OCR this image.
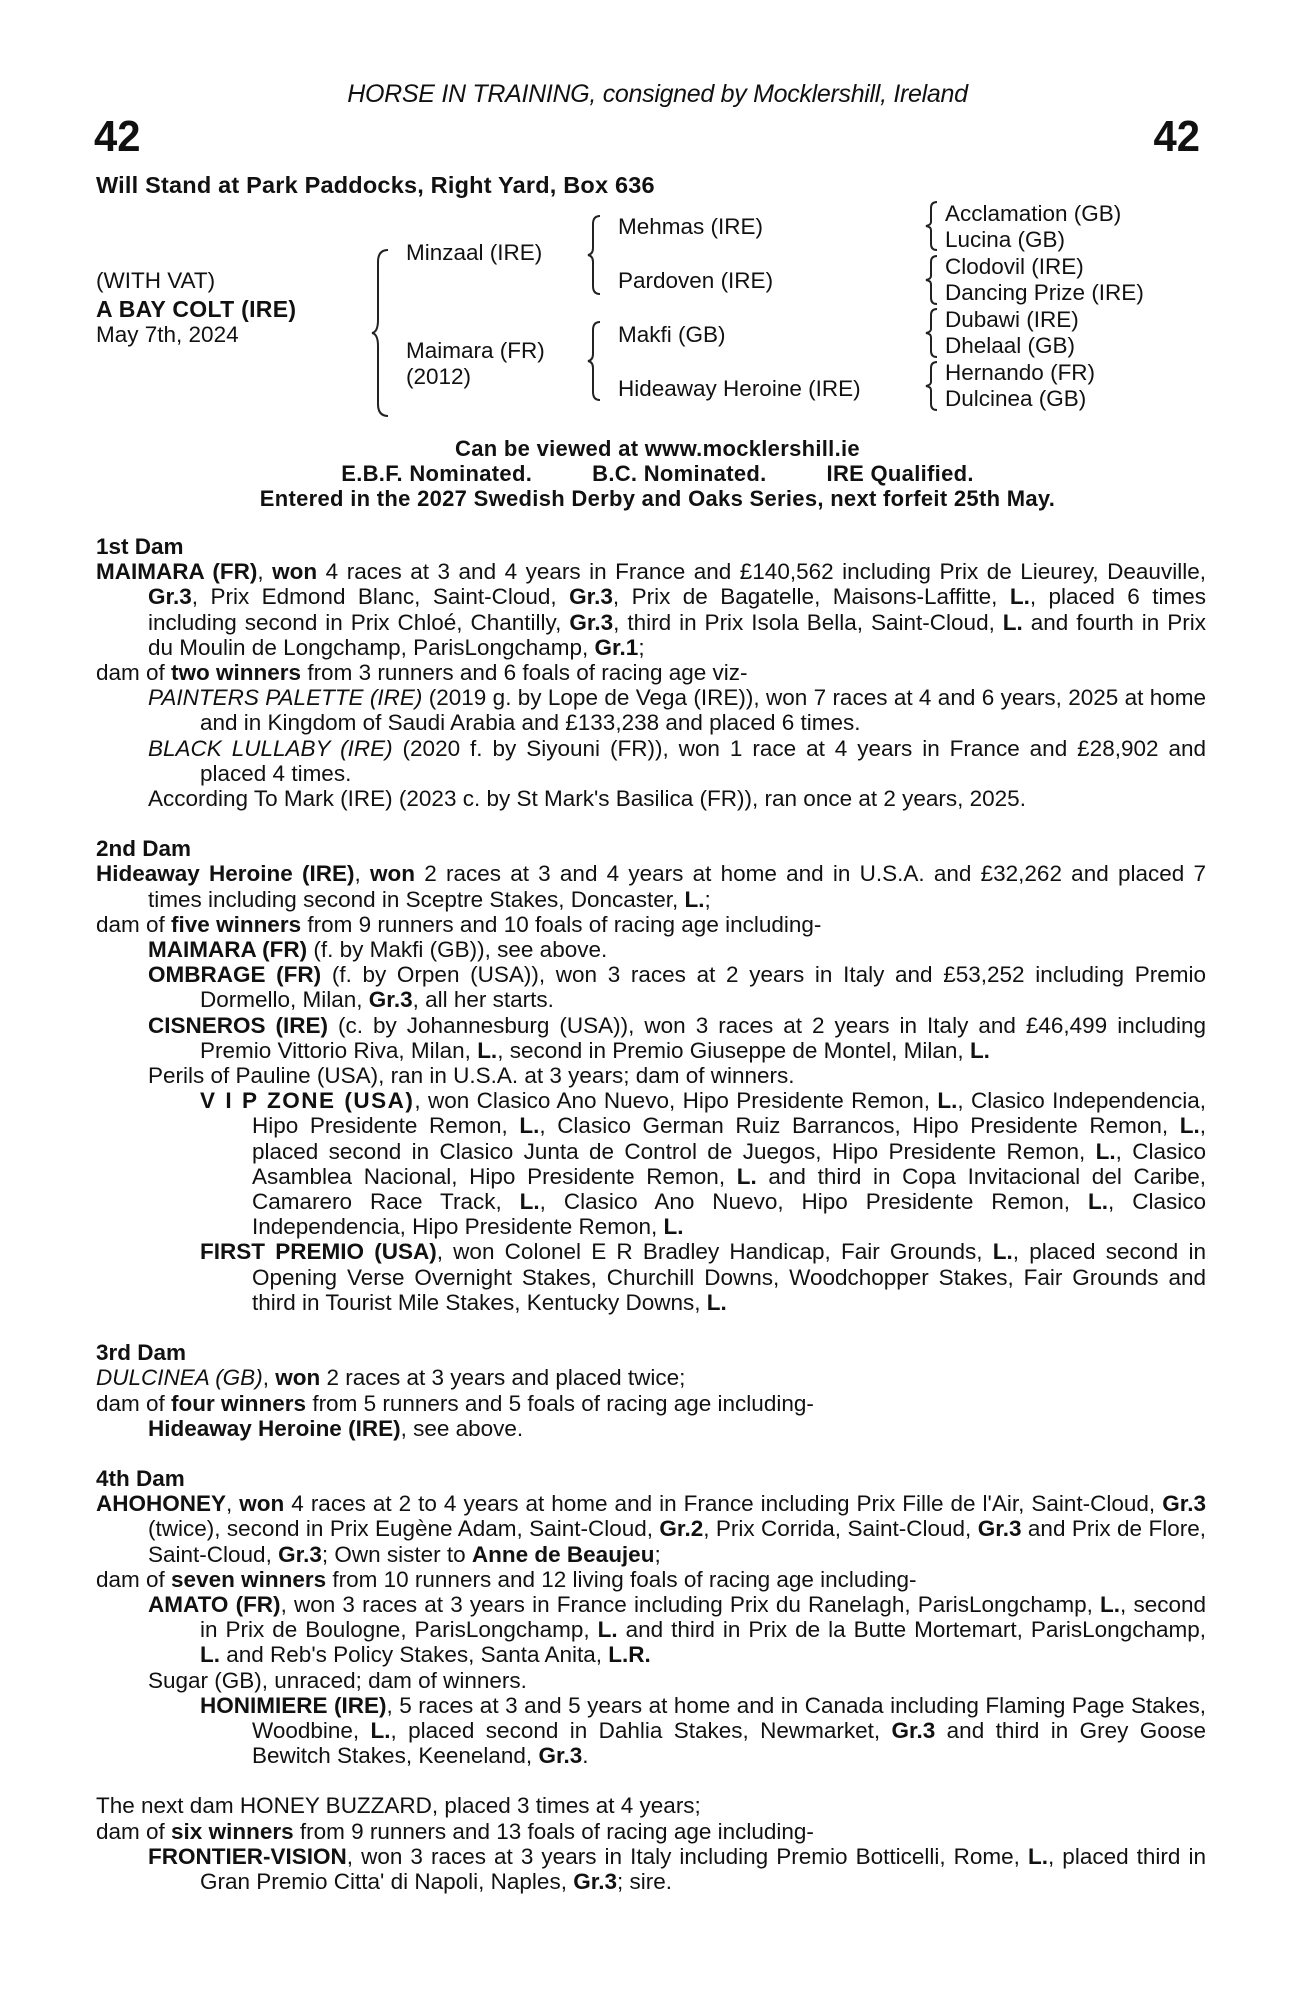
HORSE IN TRAINING, consigned by Mocklershill, Ireland
42	42
Will Stand at Park Paddocks, Right Yard, Box 636
(WITH VAT)
A BAY COLT (IRE)
May 7th, 2024
Minzaal (IRE)
Maimara (FR)
(2012)
Mehmas (IRE)
Pardoven (IRE)
Makfi (GB)
Hideaway Heroine (IRE)
Acclamation (GB)
Lucina (GB)
Clodovil (IRE)
Dancing Prize (IRE)
Dubawi (IRE)
Dhelaal (GB)
Hernando (FR)
Dulcinea (GB)
Can be viewed at www.mocklershill.ie
E.B.F. Nominated.	B.C. Nominated.	IRE Qualified.
Entered in the 2027 Swedish Derby and Oaks Series, next forfeit 25th May.

1st Dam

MAIMARA (FR), won 4 races at 3 and 4 years in France and £140,562 including Prix de Lieurey, Deauville, Gr.3, Prix Edmond Blanc, Saint-Cloud, Gr.3, Prix de Bagatelle, Maisons-Laffitte, L., placed 6 times including second in Prix Chloé, Chantilly, Gr.3, third in Prix Isola Bella, Saint-Cloud, L. and fourth in Prix du Moulin de Longchamp, ParisLongchamp, Gr.1;

dam of two winners from 3 runners and 6 foals of racing age viz-

PAINTERS PALETTE (IRE) (2019 g. by Lope de Vega (IRE)), won 7 races at 4 and 6 years, 2025 at home and in Kingdom of Saudi Arabia and £133,238 and placed 6 times.

BLACK LULLABY (IRE) (2020 f. by Siyouni (FR)), won 1 race at 4 years in France and £28,902 and placed 4 times.

According To Mark (IRE) (2023 c. by St Mark's Basilica (FR)), ran once at 2 years, 2025.

2nd Dam

Hideaway Heroine (IRE), won 2 races at 3 and 4 years at home and in U.S.A. and £32,262 and placed 7 times including second in Sceptre Stakes, Doncaster, L.;

dam of five winners from 9 runners and 10 foals of racing age including-

MAIMARA (FR) (f. by Makfi (GB)), see above.

OMBRAGE (FR) (f. by Orpen (USA)), won 3 races at 2 years in Italy and £53,252 including Premio Dormello, Milan, Gr.3, all her starts.

CISNEROS (IRE) (c. by Johannesburg (USA)), won 3 races at 2 years in Italy and £46,499 including Premio Vittorio Riva, Milan, L., second in Premio Giuseppe de Montel, Milan, L.

Perils of Pauline (USA), ran in U.S.A. at 3 years; dam of winners.

V I P ZONE (USA), won Clasico Ano Nuevo, Hipo Presidente Remon, L., Clasico Independencia, Hipo Presidente Remon, L., Clasico German Ruiz Barrancos, Hipo Presidente Remon, L., placed second in Clasico Junta de Control de Juegos, Hipo Presidente Remon, L., Clasico Asamblea Nacional, Hipo Presidente Remon, L. and third in Copa Invitacional del Caribe, Camarero Race Track, L., Clasico Ano Nuevo, Hipo Presidente Remon, L., Clasico Independencia, Hipo Presidente Remon, L.

FIRST PREMIO (USA), won Colonel E R Bradley Handicap, Fair Grounds, L., placed second in Opening Verse Overnight Stakes, Churchill Downs, Woodchopper Stakes, Fair Grounds and third in Tourist Mile Stakes, Kentucky Downs, L.

3rd Dam

DULCINEA (GB), won 2 races at 3 years and placed twice;

dam of four winners from 5 runners and 5 foals of racing age including-

Hideaway Heroine (IRE), see above.

4th Dam

AHOHONEY, won 4 races at 2 to 4 years at home and in France including Prix Fille de l'Air, Saint-Cloud, Gr.3 (twice), second in Prix Eugène Adam, Saint-Cloud, Gr.2, Prix Corrida, Saint-Cloud, Gr.3 and Prix de Flore, Saint-Cloud, Gr.3; Own sister to Anne de Beaujeu;

dam of seven winners from 10 runners and 12 living foals of racing age including-

AMATO (FR), won 3 races at 3 years in France including Prix du Ranelagh, ParisLongchamp, L., second in Prix de Boulogne, ParisLongchamp, L. and third in Prix de la Butte Mortemart, ParisLongchamp, L. and Reb's Policy Stakes, Santa Anita, L.R.

Sugar (GB), unraced; dam of winners.

HONIMIERE (IRE), 5 races at 3 and 5 years at home and in Canada including Flaming Page Stakes, Woodbine, L., placed second in Dahlia Stakes, Newmarket, Gr.3 and third in Grey Goose Bewitch Stakes, Keeneland, Gr.3.

The next dam HONEY BUZZARD, placed 3 times at 4 years;

dam of six winners from 9 runners and 13 foals of racing age including-

FRONTIER-VISION, won 3 races at 3 years in Italy including Premio Botticelli, Rome, L., placed third in Gran Premio Citta' di Napoli, Naples, Gr.3; sire.
